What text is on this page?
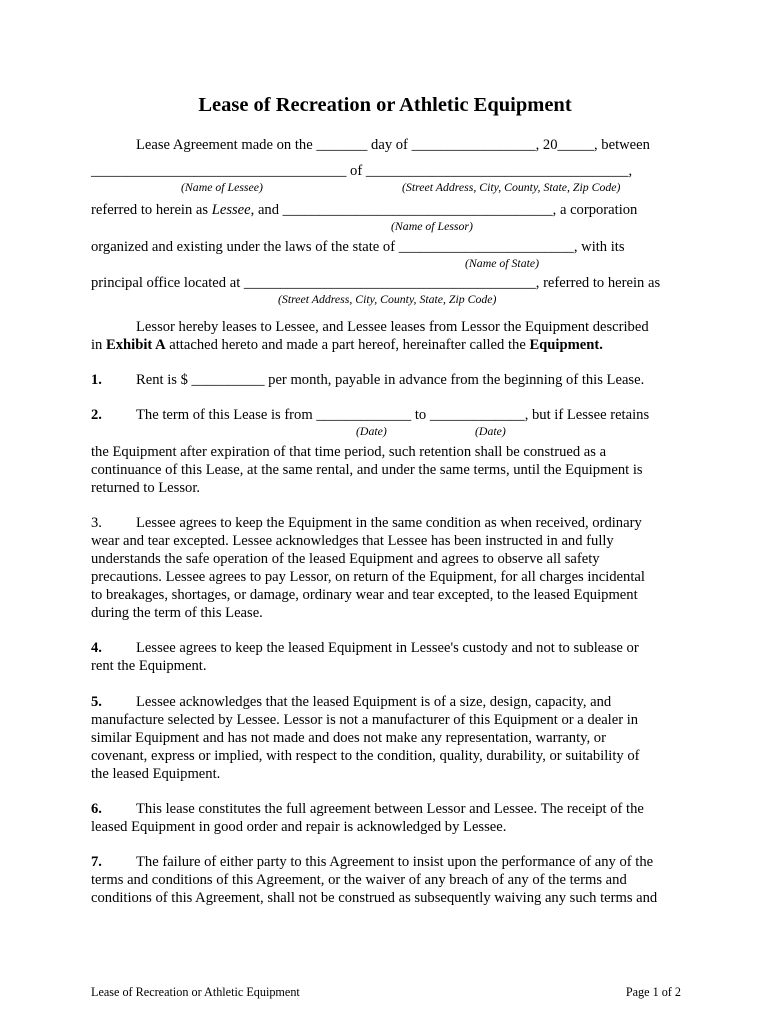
Lease of Recreation or Athletic Equipment
Lease Agreement made on the _______ day of _________________, 20_____, between
___________________________________ of ____________________________________,
(Name of Lessee)	(Street Address, City, County, State, Zip Code)
referred to herein as Lessee, and _____________________________________, a corporation
(Name of Lessor)
organized and existing under the laws of the state of ________________________, with its
(Name of State)
principal office located at ________________________________________, referred to herein as
(Street Address, City, County, State, Zip Code)
Lessor hereby leases to Lessee, and Lessee leases from Lessor the Equipment described
in Exhibit A attached hereto and made a part hereof, hereinafter called the Equipment.
1. Rent is $ __________ per month, payable in advance from the beginning of this Lease.
2. The term of this Lease is from _____________ to _____________, but if Lessee retains
(Date)	(Date)
the Equipment after expiration of that time period, such retention shall be construed as a
continuance of this Lease, at the same rental, and under the same terms, until the Equipment is
returned to Lessor.
3. Lessee agrees to keep the Equipment in the same condition as when received, ordinary
wear and tear excepted. Lessee acknowledges that Lessee has been instructed in and fully
understands the safe operation of the leased Equipment and agrees to observe all safety
precautions. Lessee agrees to pay Lessor, on return of the Equipment, for all charges incidental
to breakages, shortages, or damage, ordinary wear and tear excepted, to the leased Equipment
during the term of this Lease.
4. Lessee agrees to keep the leased Equipment in Lessee's custody and not to sublease or
rent the Equipment.
5. Lessee acknowledges that the leased Equipment is of a size, design, capacity, and
manufacture selected by Lessee. Lessor is not a manufacturer of this Equipment or a dealer in
similar Equipment and has not made and does not make any representation, warranty, or
covenant, express or implied, with respect to the condition, quality, durability, or suitability of
the leased Equipment.
6. This lease constitutes the full agreement between Lessor and Lessee. The receipt of the
leased Equipment in good order and repair is acknowledged by Lessee.
7. The failure of either party to this Agreement to insist upon the performance of any of the
terms and conditions of this Agreement, or the waiver of any breach of any of the terms and
conditions of this Agreement, shall not be construed as subsequently waiving any such terms and
Lease of Recreation or Athletic Equipment	Page 1 of 2
